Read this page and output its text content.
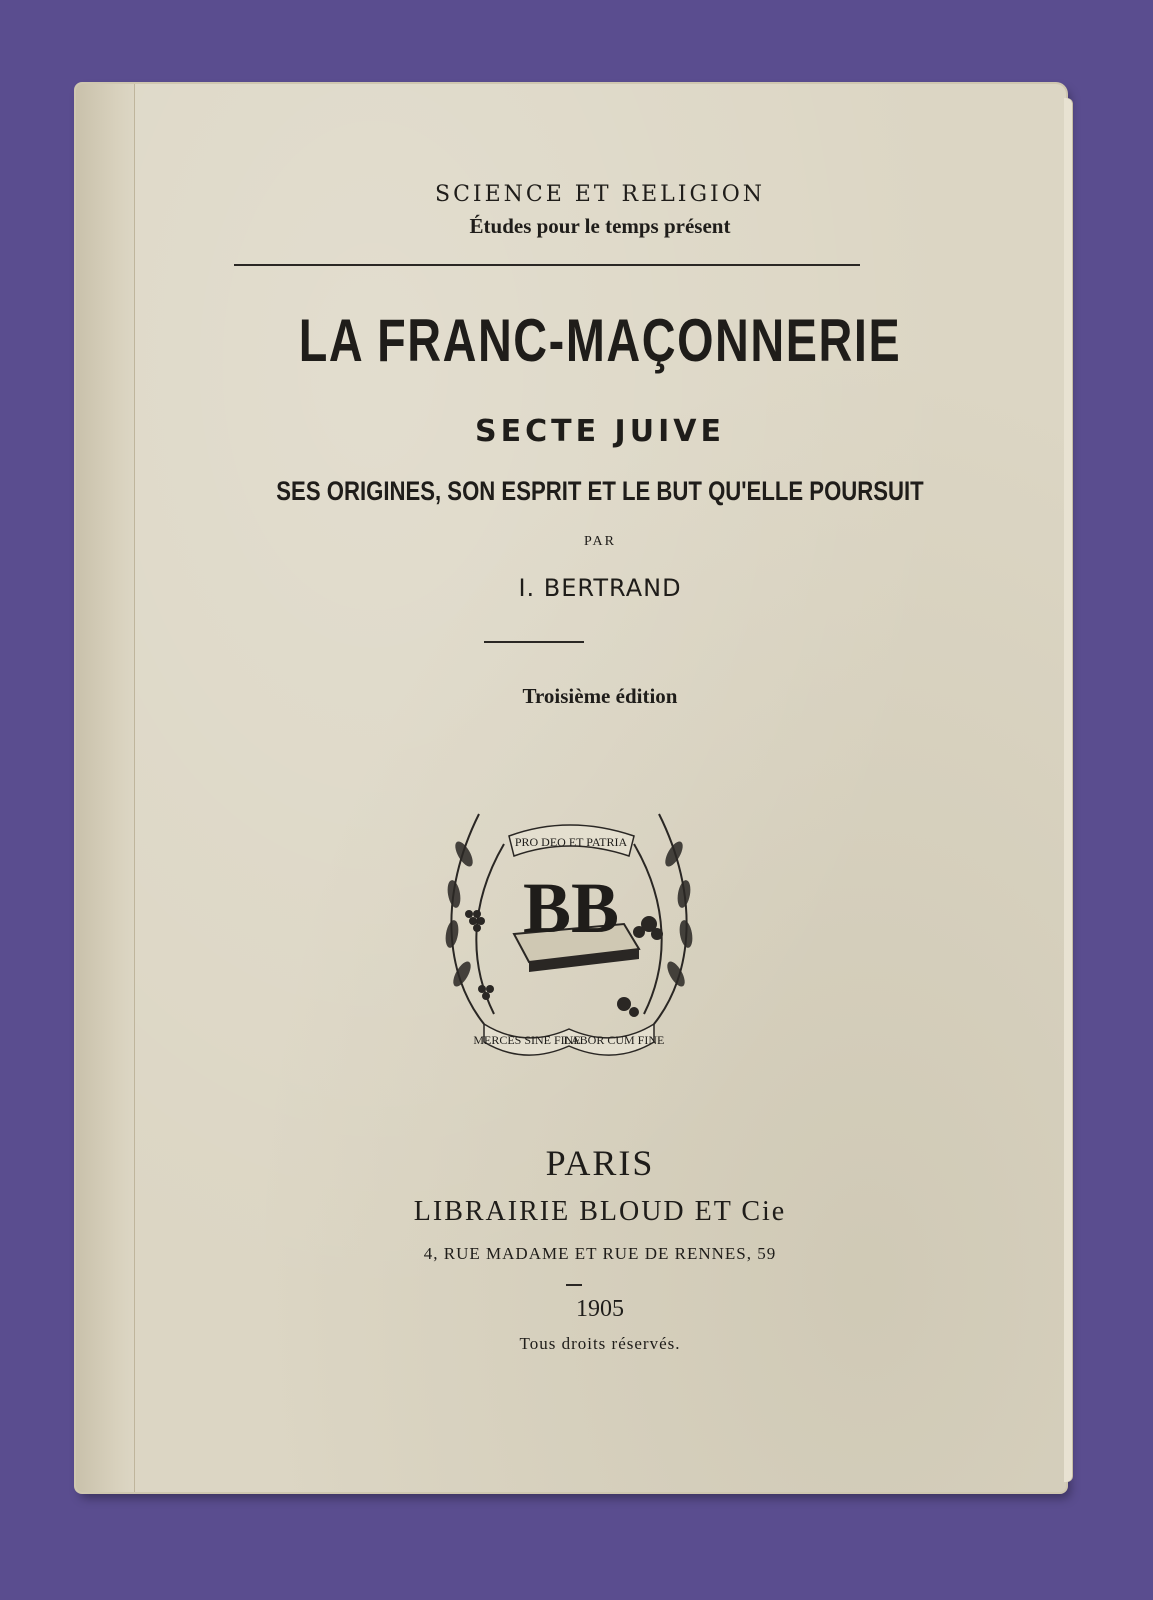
SCIENCE ET RELIGION
Études pour le temps présent
LA FRANC-MAÇONNERIE
SECTE JUIVE
SES ORIGINES, SON ESPRIT ET LE BUT QU'ELLE POURSUIT
PAR
I. BERTRAND
Troisième édition
PRO DEO ET PATRIA
BB
MERCES SINE FINE
LABOR CUM FINE
PARIS
LIBRAIRIE BLOUD ET Cie
4, RUE MADAME ET RUE DE RENNES, 59
1905
Tous droits réservés.
